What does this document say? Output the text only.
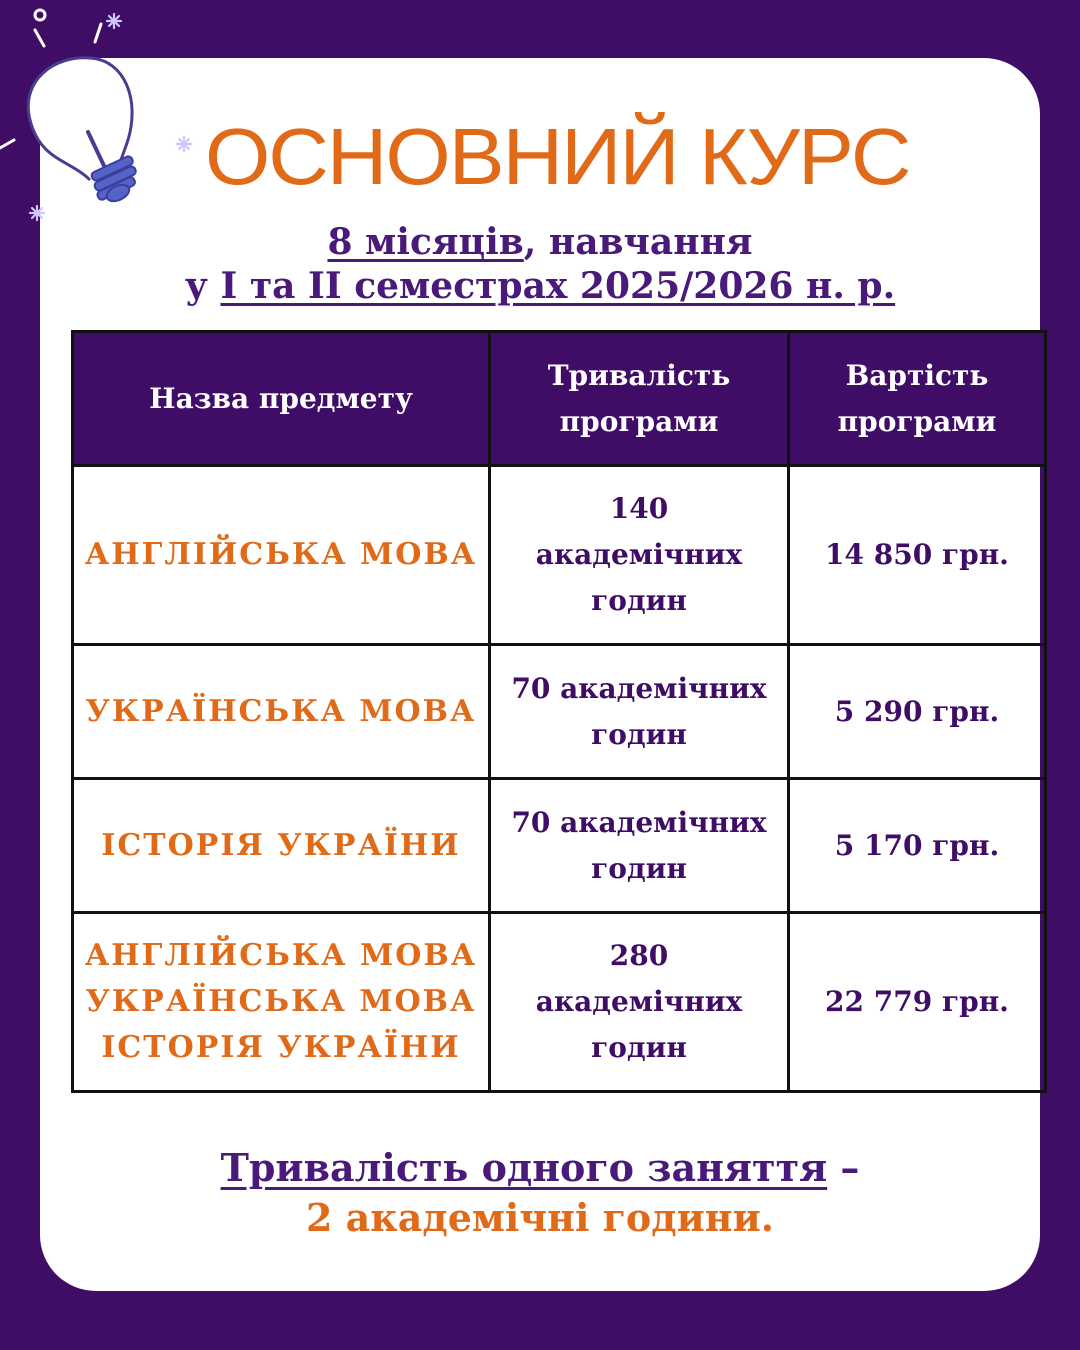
ОСНОВНИЙ КУРС
8 місяців, навчання
у I та II семестрах 2025/2026 н. р.
Назва предмету	Тривалість програми	Вартість програми

АНГЛІЙСЬКА МОВА	140
академічних
годин	14 850 грн.

УКРАЇНСЬКА МОВА	70 академічних
годин	5 290 грн.

ІСТОРІЯ УКРАЇНИ	70 академічних
годин	5 170 грн.

АНГЛІЙСЬКА МОВА
УКРАЇНСЬКА МОВА
ІСТОРІЯ УКРАЇНИ	280
академічних
годин	22 779 грн.
Тривалість одного заняття –
2 академічні години.
